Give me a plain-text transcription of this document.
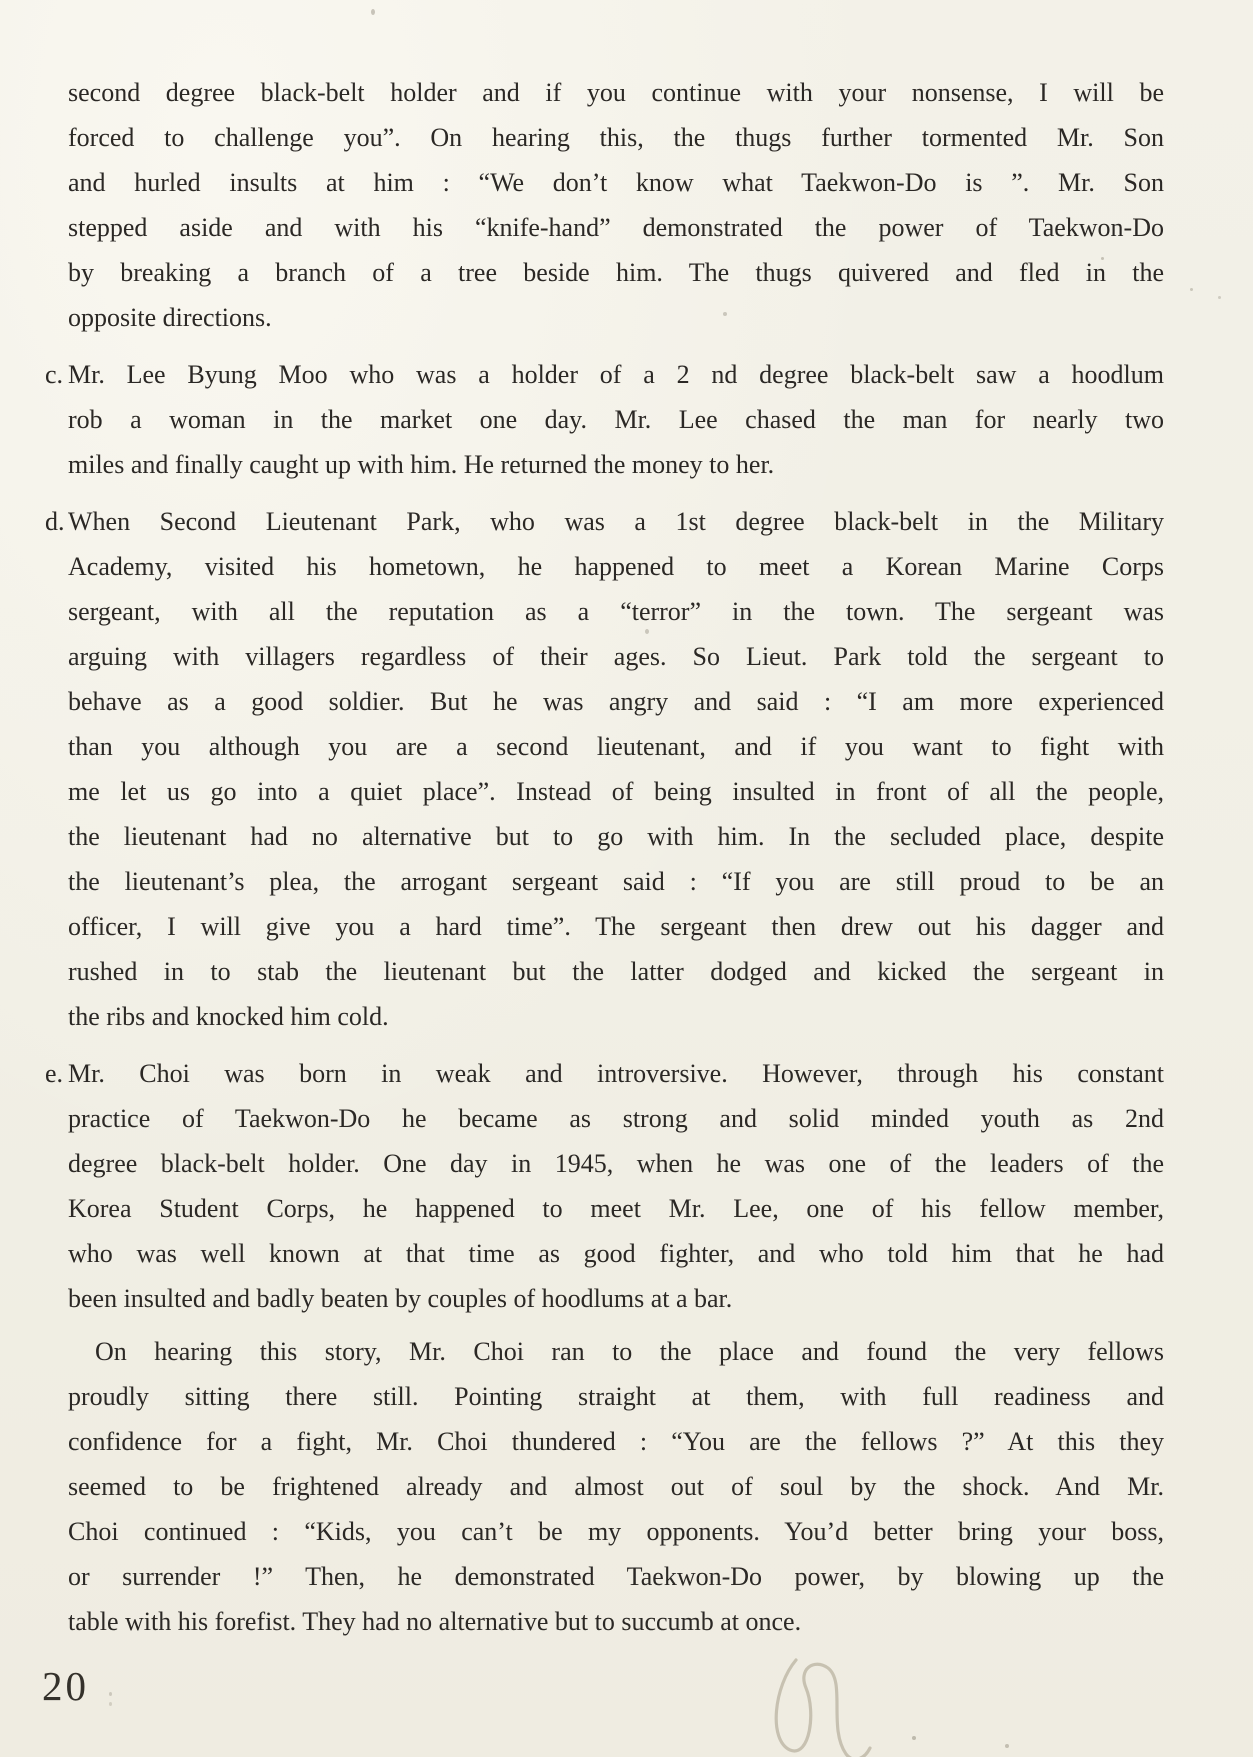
second degree black-belt holder and if you continue with your nonsense, I will be
forced to challenge you”. On hearing this, the thugs further tormented Mr. Son
and hurled insults at him : “We don’t know what Taekwon-Do is ”. Mr. Son
stepped aside and with his “knife-hand” demonstrated the power of Taekwon-Do
by breaking a branch of a tree beside him. The thugs quivered and fled in the
opposite directions.
c. Mr. Lee Byung Moo who was a holder of a 2 nd degree black-belt saw a hoodlum
rob a woman in the market one day. Mr. Lee chased the man for nearly two
miles and finally caught up with him. He returned the money to her.
d. When Second Lieutenant Park, who was a 1st degree black-belt in the Military
Academy, visited his hometown, he happened to meet a Korean Marine Corps
sergeant, with all the reputation as a “terror” in the town. The sergeant was
arguing with villagers regardless of their ages. So Lieut. Park told the sergeant to
behave as a good soldier. But he was angry and said : “I am more experienced
than you although you are a second lieutenant, and if you want to fight with
me let us go into a quiet place”. Instead of being insulted in front of all the people,
the lieutenant had no alternative but to go with him. In the secluded place, despite
the lieutenant’s plea, the arrogant sergeant said : “If you are still proud to be an
officer, I will give you a hard time”. The sergeant then drew out his dagger and
rushed in to stab the lieutenant but the latter dodged and kicked the sergeant in
the ribs and knocked him cold.
e. Mr. Choi was born in weak and introversive. However, through his constant
practice of Taekwon-Do he became as strong and solid minded youth as 2nd
degree black-belt holder. One day in 1945, when he was one of the leaders of the
Korea Student Corps, he happened to meet Mr. Lee, one of his fellow member,
who was well known at that time as good fighter, and who told him that he had
been insulted and badly beaten by couples of hoodlums at a bar.
On hearing this story, Mr. Choi ran to the place and found the very fellows
proudly sitting there still. Pointing straight at them, with full readiness and
confidence for a fight, Mr. Choi thundered : “You are the fellows ?” At this they
seemed to be frightened already and almost out of soul by the shock. And Mr.
Choi continued : “Kids, you can’t be my opponents. You’d better bring your boss,
or surrender !” Then, he demonstrated Taekwon-Do power, by blowing up the
table with his forefist. They had no alternative but to succumb at once.
20
